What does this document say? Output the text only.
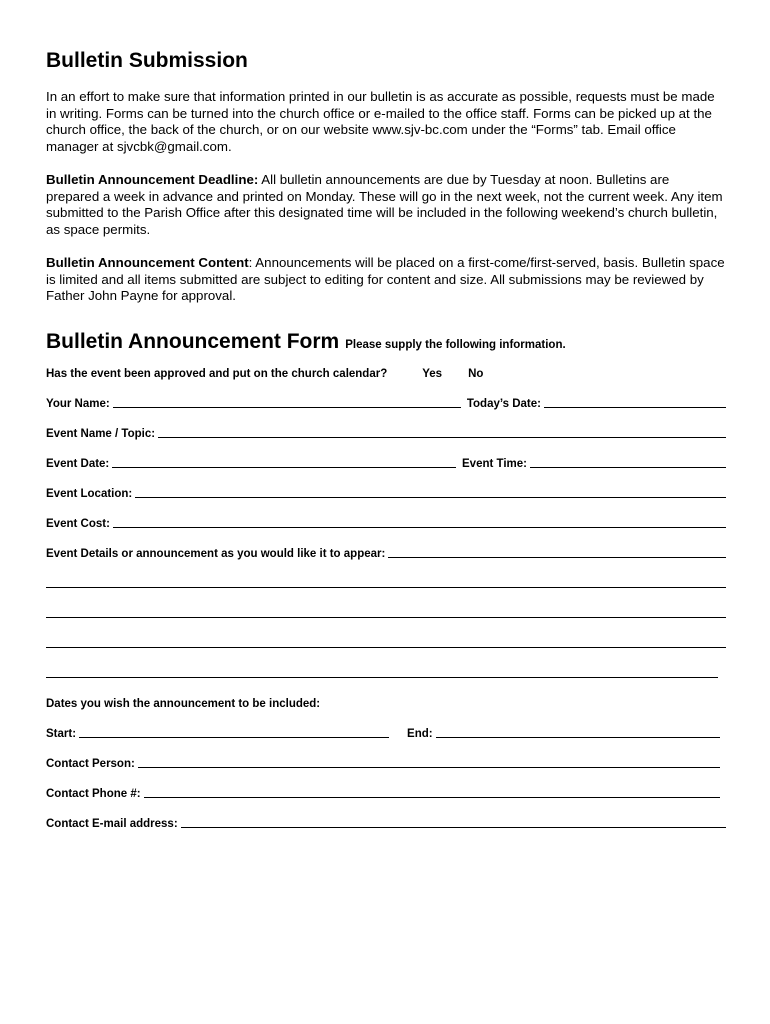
Bulletin Submission

In an effort to make sure that information printed in our bulletin is as accurate as possible, requests must be made in writing. Forms can be turned into the church office or e-mailed to the office staff. Forms can be picked up at the church office, the back of the church, or on our website www.sjv-bc.com under the “Forms” tab. Email office manager at sjvcbk@gmail.com.

Bulletin Announcement Deadline: All bulletin announcements are due by Tuesday at noon. Bulletins are prepared a week in advance and printed on Monday. These will go in the next week, not the current week. Any item submitted to the Parish Office after this designated time will be included in the following weekend’s church bulletin, as space permits.

Bulletin Announcement Content: Announcements will be placed on a first-come/first-served, basis. Bulletin space is limited and all items submitted are subject to editing for content and size. All submissions may be reviewed by Father John Payne for approval.

Bulletin Announcement Form Please supply the following information.
Has the event been approved and put on the church calendar?	Yes No
Your Name:	Today’s Date:
Event Name / Topic:
Event Date:	Event Time:
Event Location:
Event Cost:
Event Details or announcement as you would like it to appear:
Dates you wish the announcement to be included:
Start:	End:
Contact Person:
Contact Phone #:
Contact E-mail address:
